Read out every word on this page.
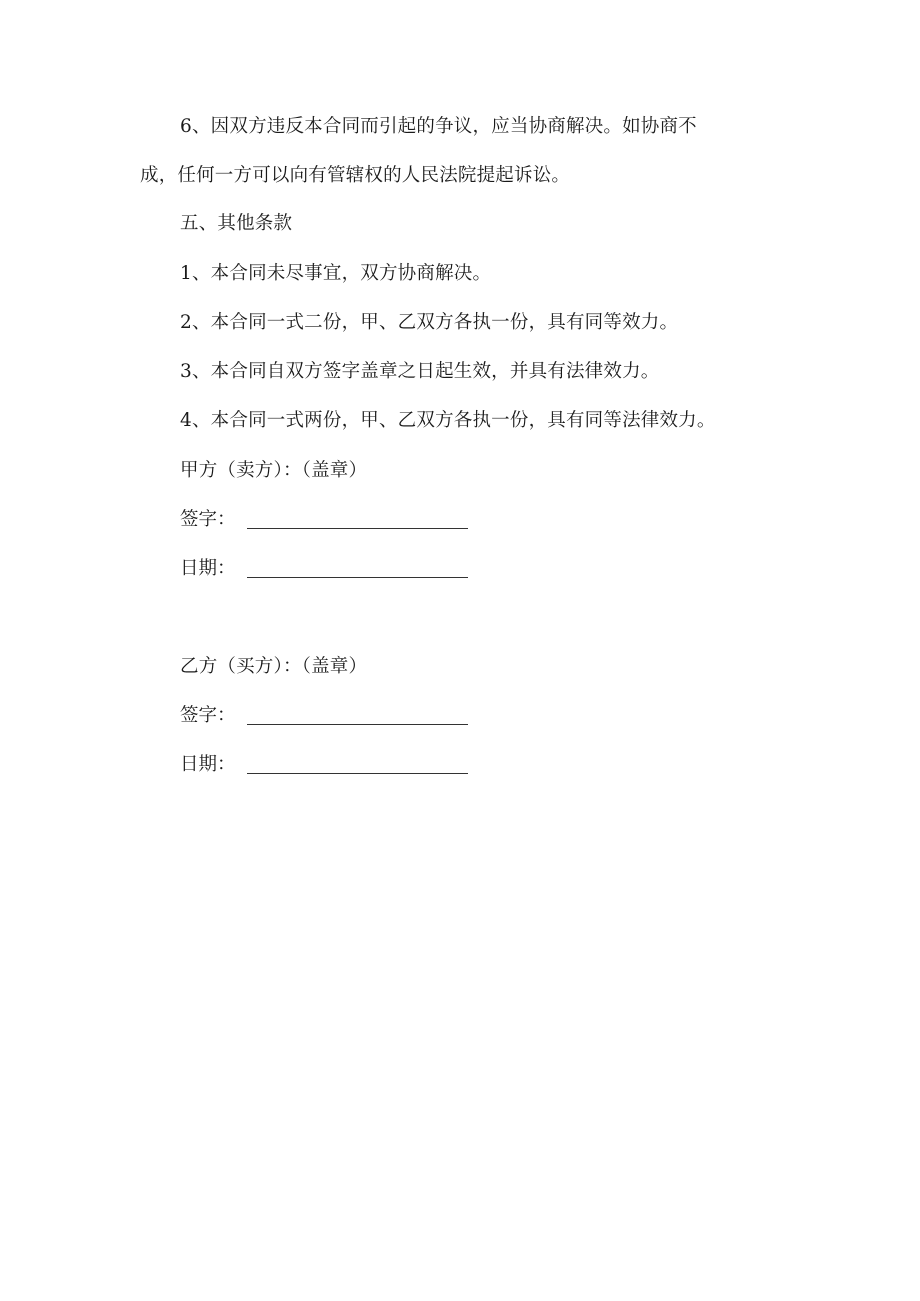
6、因双方违反本合同而引起的争议，应当协商解决。如协商不
成，任何一方可以向有管辖权的人民法院提起诉讼。
五、其他条款
1、本合同未尽事宜，双方协商解决。
2、本合同一式二份，甲、乙双方各执一份，具有同等效力。
3、本合同自双方签字盖章之日起生效，并具有法律效力。
4、本合同一式两份，甲、乙双方各执一份，具有同等法律效力。
甲方（卖方）：（盖章）
签字：
日期：
乙方（买方）：（盖章）
签字：
日期：
